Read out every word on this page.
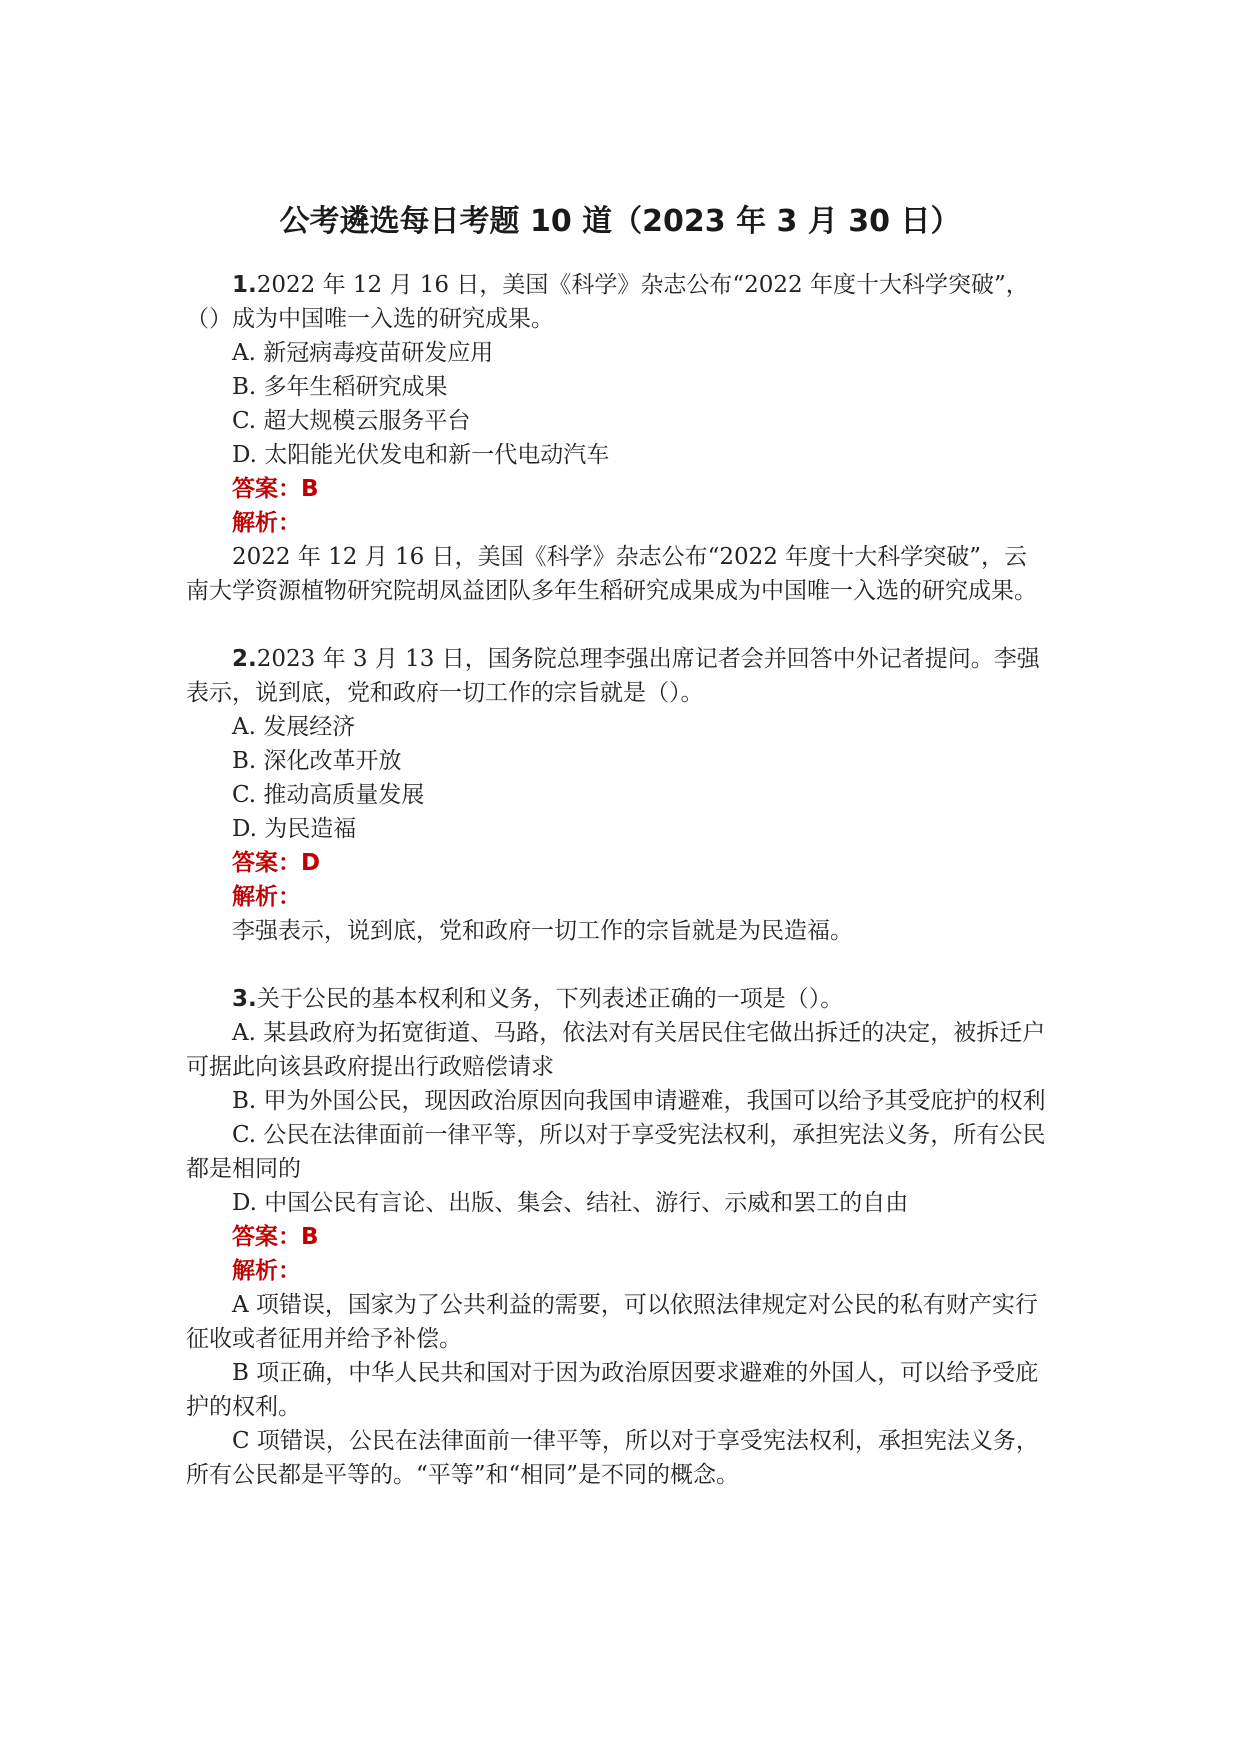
公考遴选每日考题 10 道（2023 年 3 月 30 日）

1.2022 年 12 月 16 日，美国《科学》杂志公布“2022 年度十大科学突破”，（）成为中国唯一入选的研究成果。

A. 新冠病毒疫苗研发应用

B. 多年生稻研究成果

C. 超大规模云服务平台

D. 太阳能光伏发电和新一代电动汽车

答案：B

解析：

2022 年 12 月 16 日，美国《科学》杂志公布“2022 年度十大科学突破”，云南大学资源植物研究院胡凤益团队多年生稻研究成果成为中国唯一入选的研究成果。

2.2023 年 3 月 13 日，国务院总理李强出席记者会并回答中外记者提问。李强表示，说到底，党和政府一切工作的宗旨就是（）。

A. 发展经济

B. 深化改革开放

C. 推动高质量发展

D. 为民造福

答案：D

解析：

李强表示，说到底，党和政府一切工作的宗旨就是为民造福。

3.关于公民的基本权利和义务，下列表述正确的一项是（）。

A. 某县政府为拓宽街道、马路，依法对有关居民住宅做出拆迁的决定，被拆迁户可据此向该县政府提出行政赔偿请求

B. 甲为外国公民，现因政治原因向我国申请避难，我国可以给予其受庇护的权利

C. 公民在法律面前一律平等，所以对于享受宪法权利，承担宪法义务，所有公民都是相同的

D. 中国公民有言论、出版、集会、结社、游行、示威和罢工的自由

答案：B

解析：

A 项错误，国家为了公共利益的需要，可以依照法律规定对公民的私有财产实行征收或者征用并给予补偿。

B 项正确，中华人民共和国对于因为政治原因要求避难的外国人，可以给予受庇护的权利。

C 项错误，公民在法律面前一律平等，所以对于享受宪法权利，承担宪法义务，所有公民都是平等的。“平等”和“相同”是不同的概念。
